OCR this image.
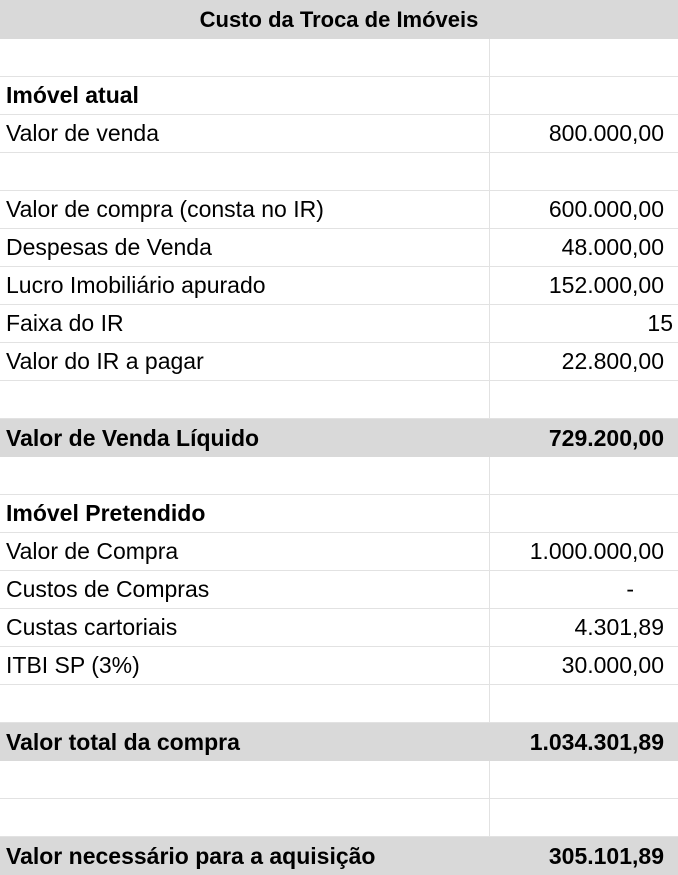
Custo da Troca de Imóveis
Imóvel atual
Valor de venda	800.000,00
Valor de compra (consta no IR)	600.000,00
Despesas de Venda	48.000,00
Lucro Imobiliário apurado	152.000,00
Faixa do IR	15
Valor do IR a pagar	22.800,00
Valor de Venda Líquido	729.200,00
Imóvel Pretendido
Valor de Compra	1.000.000,00
Custos de Compras	-
Custas cartoriais	4.301,89
ITBI SP (3%)	30.000,00
Valor total da compra	1.034.301,89
Valor necessário para a aquisição	305.101,89
